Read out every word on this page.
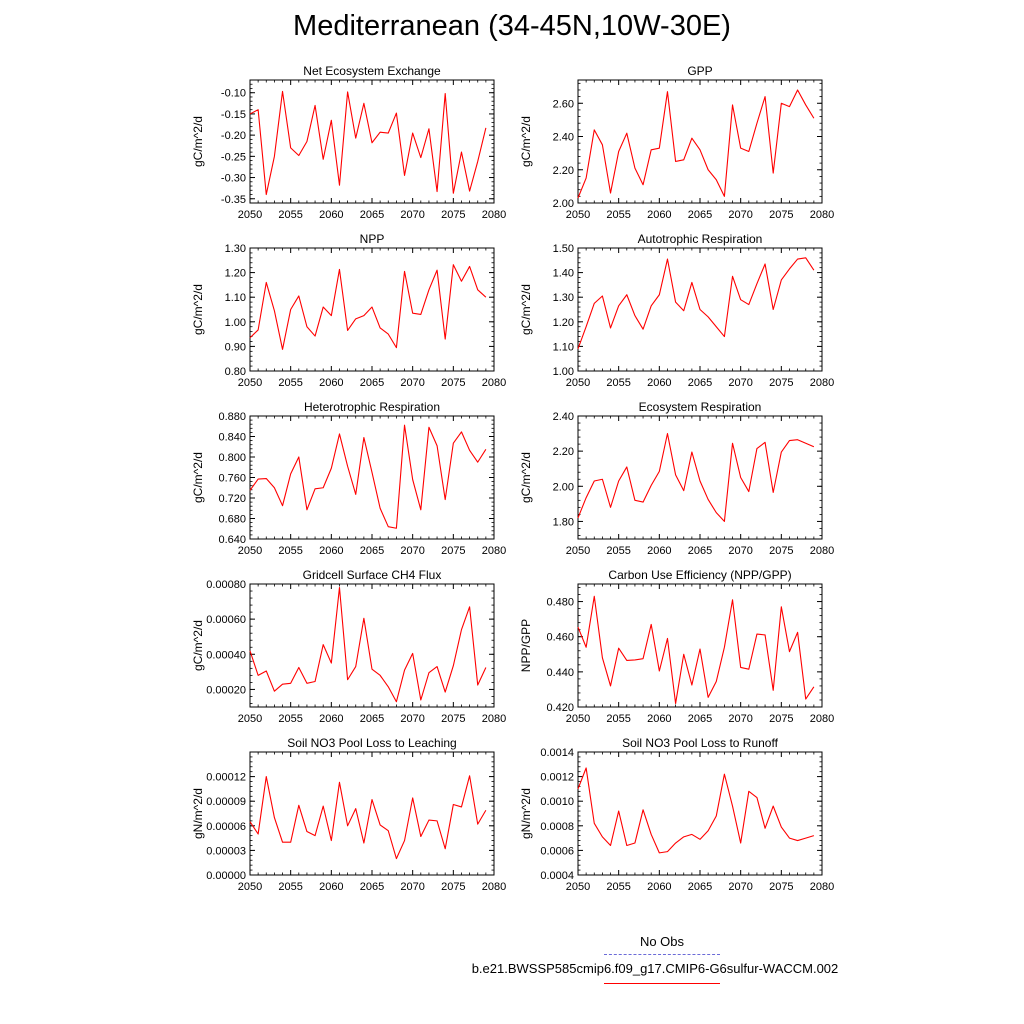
Mediterranean (34-45N,10W-30E)
Net Ecosystem Exchange
gC/m^2/d
2050 2055 2060 2065 2070 2075 2080
-0.35
-0.30
-0.25
-0.20
-0.15
-0.10
GPP
gC/m^2/d
2050 2055 2060 2065 2070 2075 2080
2.00
2.20
2.40
2.60
NPP
gC/m^2/d
2050 2055 2060 2065 2070 2075 2080
0.80
0.90
1.00
1.10
1.20
1.30
Autotrophic Respiration
gC/m^2/d
2050 2055 2060 2065 2070 2075 2080
1.00
1.10
1.20
1.30
1.40
1.50
Heterotrophic Respiration
gC/m^2/d
2050 2055 2060 2065 2070 2075 2080
0.640
0.680
0.720
0.760
0.800
0.840
0.880
Ecosystem Respiration
gC/m^2/d
2050 2055 2060 2065 2070 2075 2080
1.80
2.00
2.20
2.40
Gridcell Surface CH4 Flux
gC/m^2/d
2050 2055 2060 2065 2070 2075 2080
0.00020
0.00040
0.00060
0.00080
Carbon Use Efficiency (NPP/GPP)
NPP/GPP
2050 2055 2060 2065 2070 2075 2080
0.420
0.440
0.460
0.480
Soil NO3 Pool Loss to Leaching
gN/m^2/d
2050 2055 2060 2065 2070 2075 2080
0.00000
0.00003
0.00006
0.00009
0.00012
Soil NO3 Pool Loss to Runoff
gN/m^2/d
2050 2055 2060 2065 2070 2075 2080
0.0004
0.0006
0.0008
0.0010
0.0012
0.0014
No Obs
b.e21.BWSSP585cmip6.f09_g17.CMIP6-G6sulfur-WACCM.002
